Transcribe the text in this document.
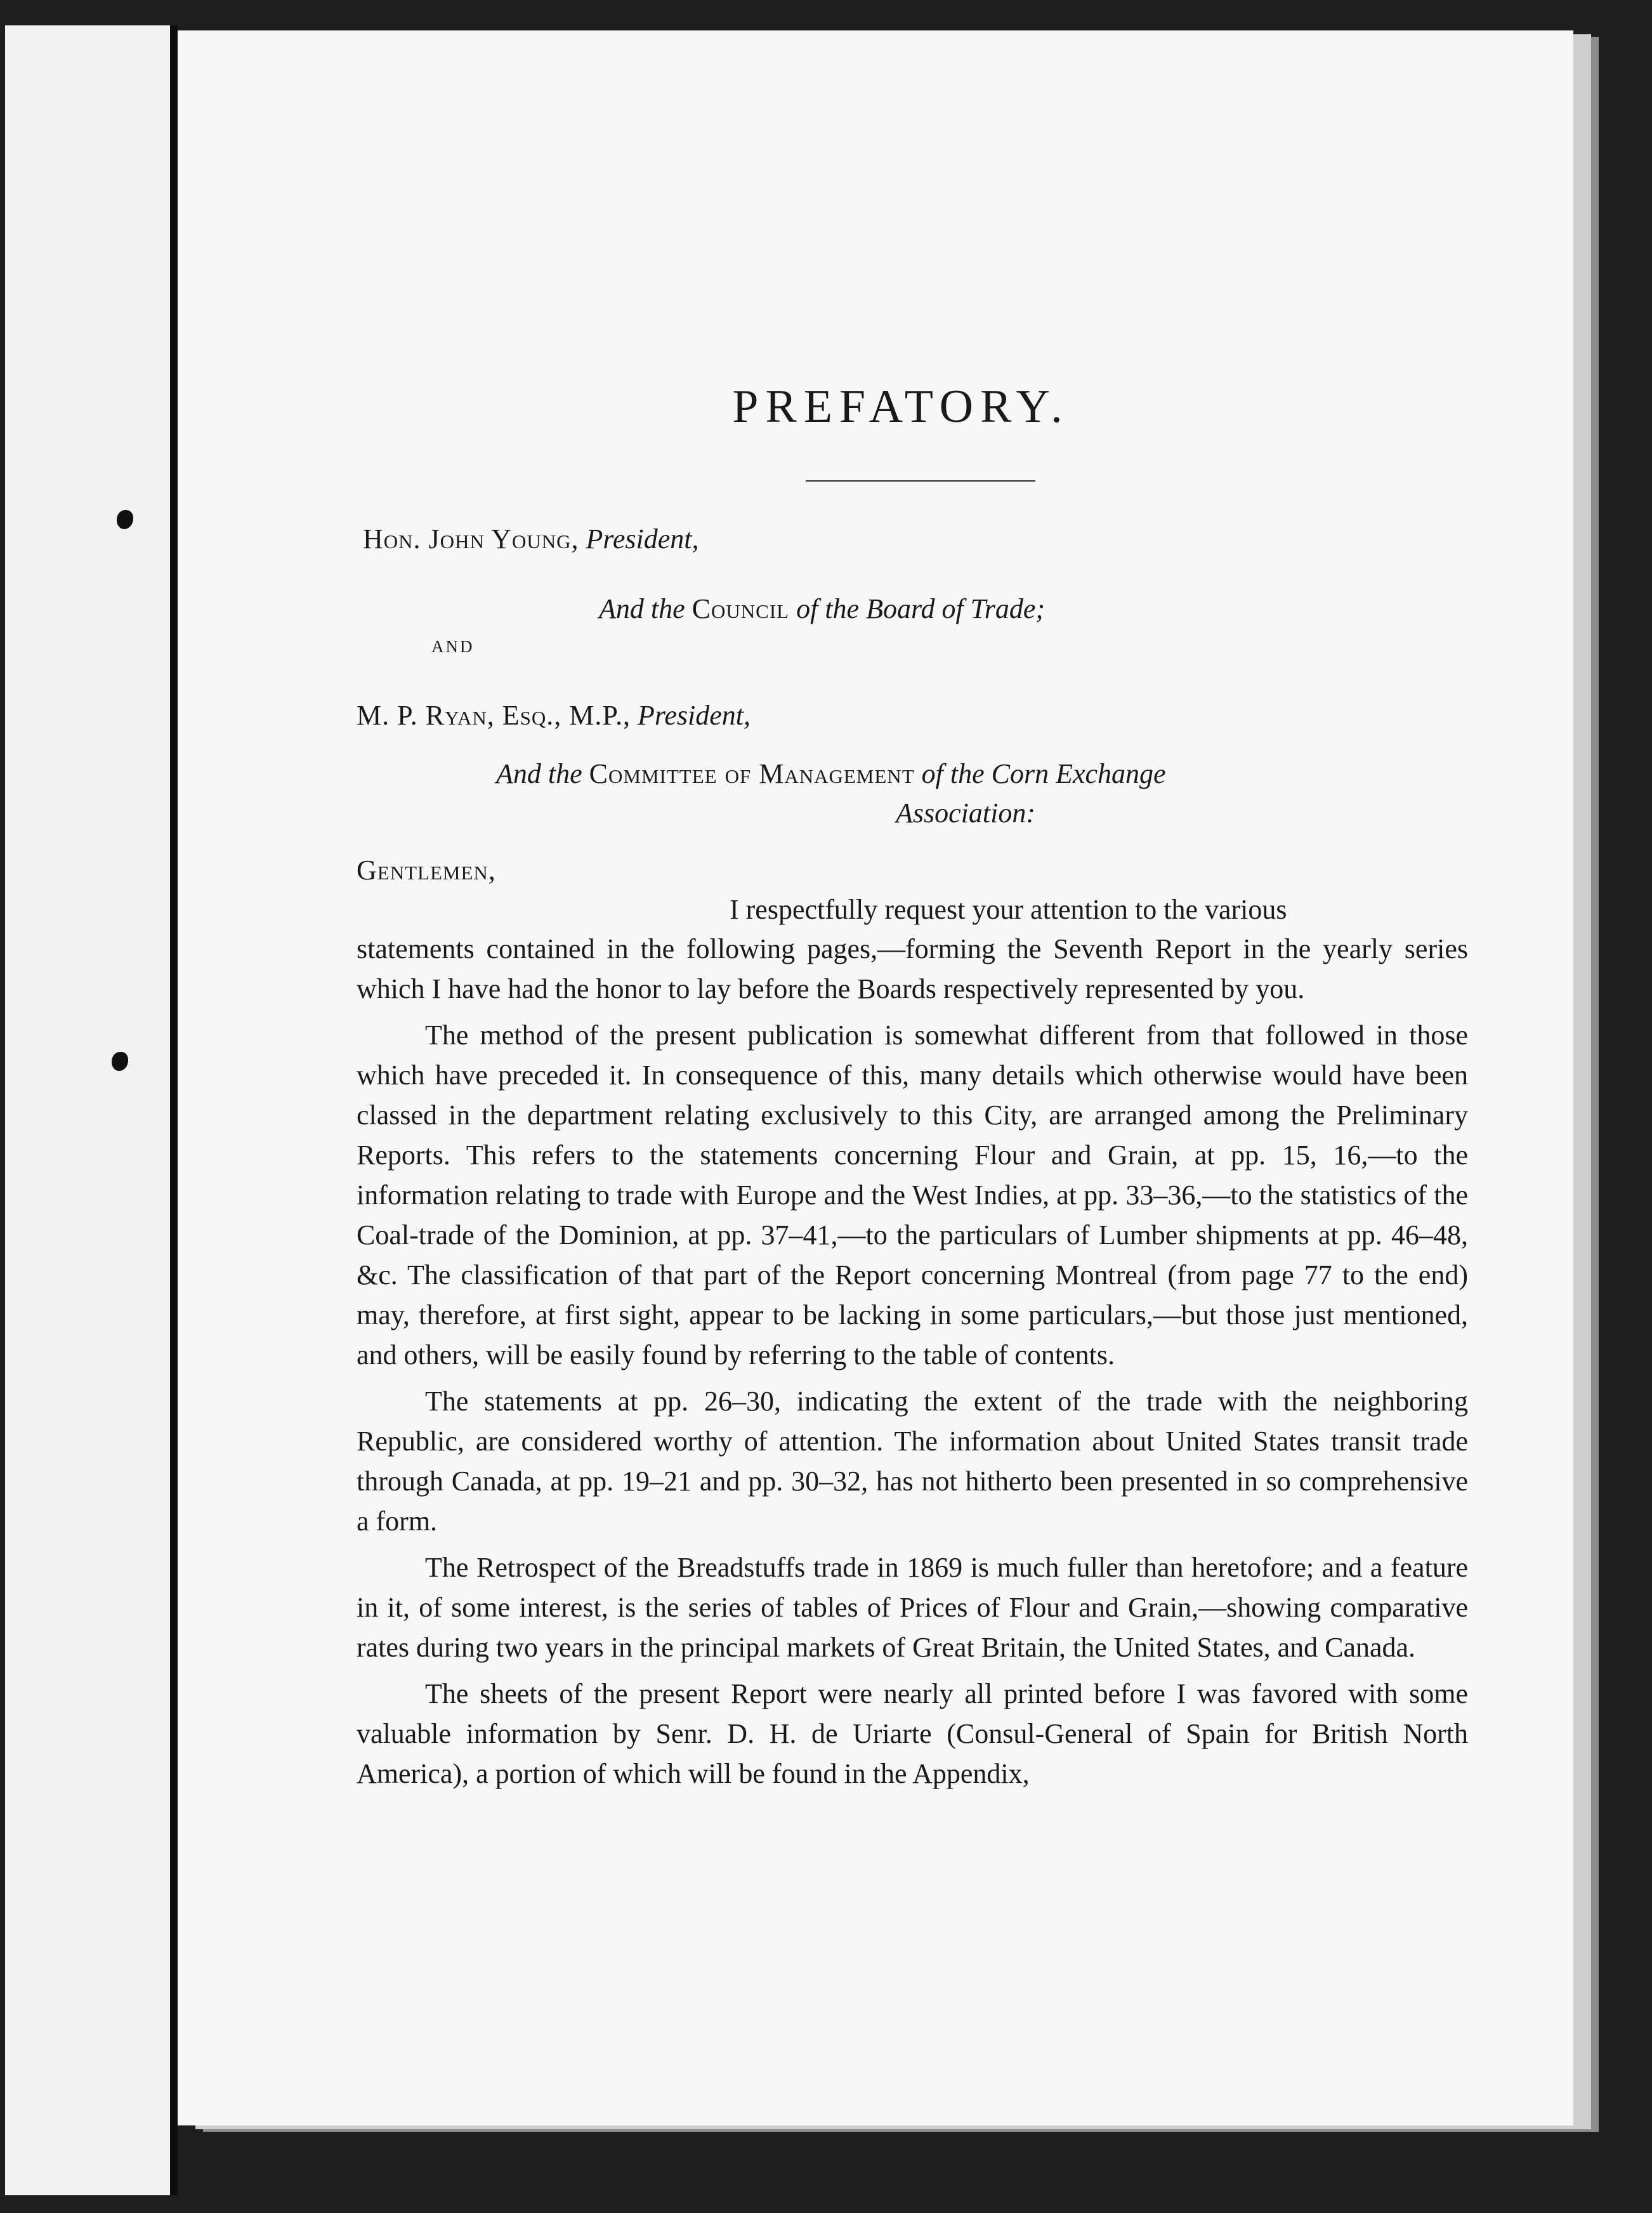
PREFATORY.
Hon. John Young, President,
And the Council of the Board of Trade;
AND
M. P. Ryan, Esq., M.P., President,
And the Committee of Management of the Corn Exchange
Association:
Gentlemen,
I respectfully request your attention to the various

statements contained in the following pages,—forming the Seventh Report in the yearly series which I have had the honor to lay before the Boards respectively represented by you.

The method of the present publication is somewhat different from that followed in those which have preceded it. In consequence of this, many details which otherwise would have been classed in the department relating exclusively to this City, are arranged among the Preliminary Reports. This refers to the statements concerning Flour and Grain, at pp. 15, 16,—to the information relating to trade with Europe and the West Indies, at pp. 33–36,—to the statistics of the Coal-trade of the Dominion, at pp. 37–41,—to the particulars of Lumber shipments at pp. 46–48, &c. The classification of that part of the Report concerning Montreal (from page 77 to the end) may, therefore, at first sight, appear to be lacking in some particulars,—but those just mentioned, and others, will be easily found by referring to the table of contents.

The statements at pp. 26–30, indicating the extent of the trade with the neighboring Republic, are considered worthy of attention. The information about United States transit trade through Canada, at pp. 19–21 and pp. 30–32, has not hitherto been presented in so comprehensive a form.

The Retrospect of the Breadstuffs trade in 1869 is much fuller than heretofore; and a feature in it, of some interest, is the series of tables of Prices of Flour and Grain,—showing comparative rates during two years in the principal markets of Great Britain, the United States, and Canada.

The sheets of the present Report were nearly all printed before I was favored with some valuable information by Senr. D. H. de Uriarte (Consul-General of Spain for British North America), a portion of which will be found in the Appendix,
